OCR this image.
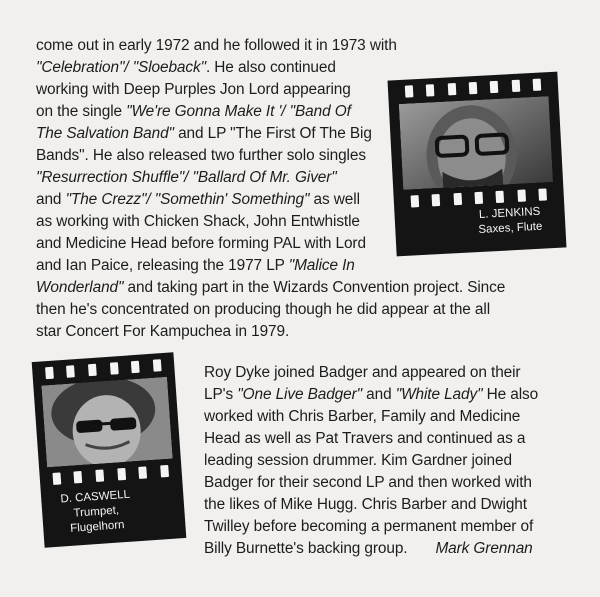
come out in early 1972 and he followed it in 1973 with
"Celebration"/ "Sloeback". He also continued
working with Deep Purples Jon Lord appearing
on the single "We're Gonna Make It '/ "Band Of
The Salvation Band" and LP "The First Of The Big
Bands". He also released two further solo singles
"Resurrection Shuffle"/ "Ballard Of Mr. Giver"
and "The Crezz"/ "Somethin' Something" as well
as working with Chicken Shack, John Entwhistle
and Medicine Head before forming PAL with Lord
and Ian Paice, releasing the 1977 LP "Malice In
Wonderland" and taking part in the Wizards Convention project. Since
then he's concentrated on producing though he did appear at the all
star Concert For Kampuchea in 1979.
L. JENKINS
Saxes, Flute
D. CASWELL
Trumpet,
Flugelhorn
Roy Dyke joined Badger and appeared on their
LP's "One Live Badger" and "White Lady" He also
worked with Chris Barber, Family and Medicine
Head as well as Pat Travers and continued as a
leading session drummer. Kim Gardner joined
Badger for their second LP and then worked with
the likes of Mike Hugg. Chris Barber and Dwight
Twilley before becoming a permanent member of
Billy Burnette's backing group. Mark Grennan
